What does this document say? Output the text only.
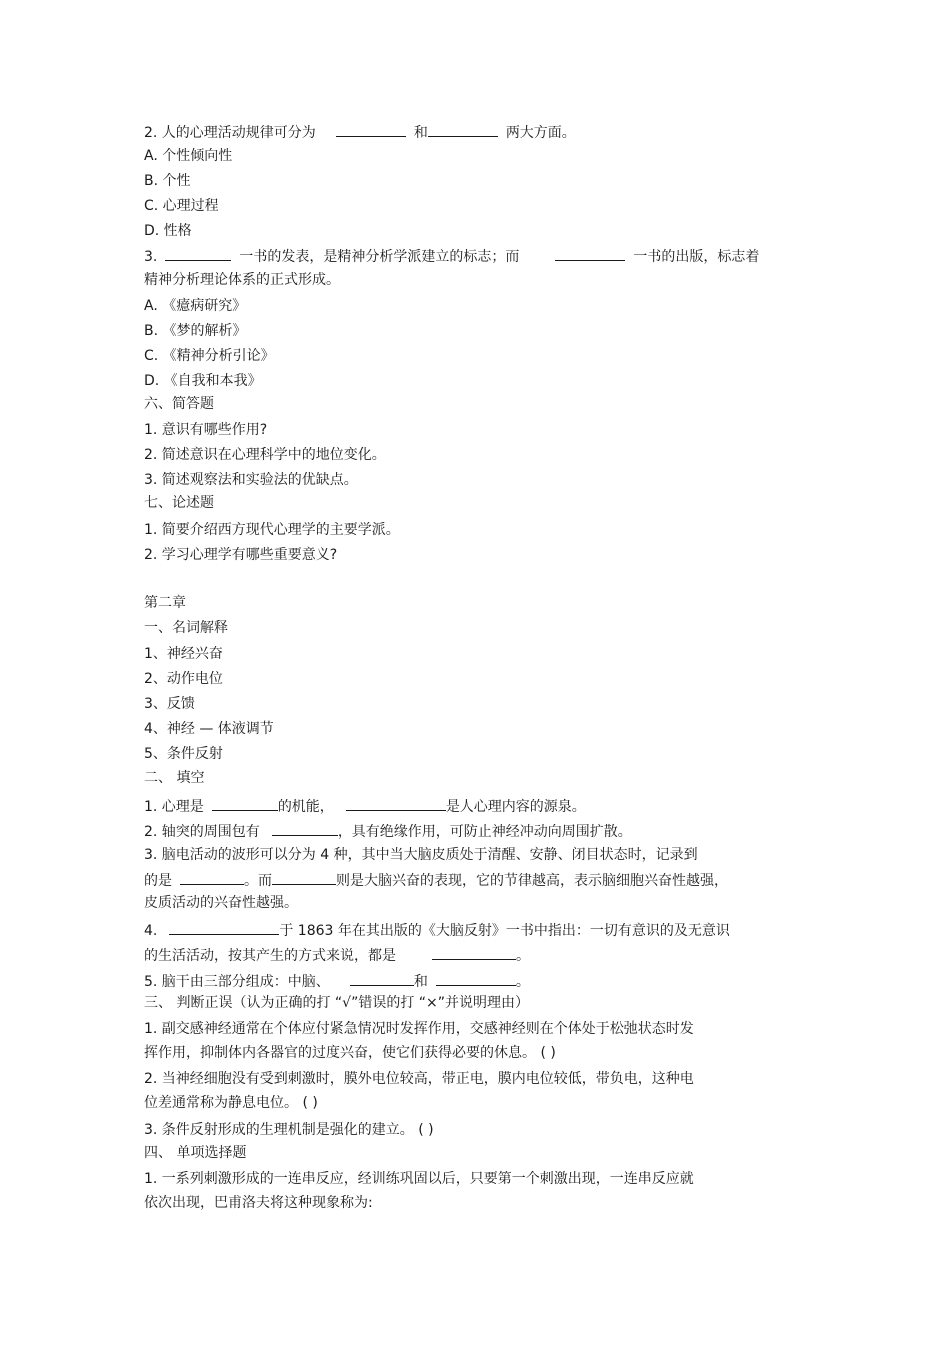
2. 人的心理活动规律可分为	和	两大方面。
A. 个性倾向性
B. 个性
C. 心理过程
D. 性格
3.	一书的发表，是精神分析学派建立的标志；而	一书的出版，标志着
精神分析理论体系的正式形成。
A. 《癔病研究》
B. 《梦的解析》
C. 《精神分析引论》
D. 《自我和本我》
六、简答题
1. 意识有哪些作用?
2. 简述意识在心理科学中的地位变化。
3. 简述观察法和实验法的优缺点。
七、论述题
1. 简要介绍西方现代心理学的主要学派。
2. 学习心理学有哪些重要意义?
第二章
一、名词解释
1、神经兴奋
2、动作电位
3、反馈
4、神经 — 体液调节
5、条件反射
二、 填空
1. 心理是	的机能，	是人心理内容的源泉。
2. 轴突的周围包有	，具有绝缘作用，可防止神经冲动向周围扩散。
3. 脑电活动的波形可以分为 4 种，其中当大脑皮质处于清醒、安静、闭目状态时，记录到
的是	。而	则是大脑兴奋的表现，它的节律越高，表示脑细胞兴奋性越强，
皮质活动的兴奋性越强。
4.	于 1863 年在其出版的《大脑反射》一书中指出：一切有意识的及无意识
的生活活动，按其产生的方式来说，都是	。
5. 脑干由三部分组成：中脑、	和	。
三、 判断正误（认为正确的打 “√”错误的打 “×”并说明理由）
1. 副交感神经通常在个体应付紧急情况时发挥作用，交感神经则在个体处于松弛状态时发
挥作用，抑制体内各器官的过度兴奋，使它们获得必要的休息。 ( )
2. 当神经细胞没有受到刺激时，膜外电位较高，带正电，膜内电位较低，带负电，这种电
位差通常称为静息电位。 ( )
3. 条件反射形成的生理机制是强化的建立。 ( )
四、 单项选择题
1. 一系列刺激形成的一连串反应，经训练巩固以后，只要第一个刺激出现，一连串反应就
依次出现，巴甫洛夫将这种现象称为:
